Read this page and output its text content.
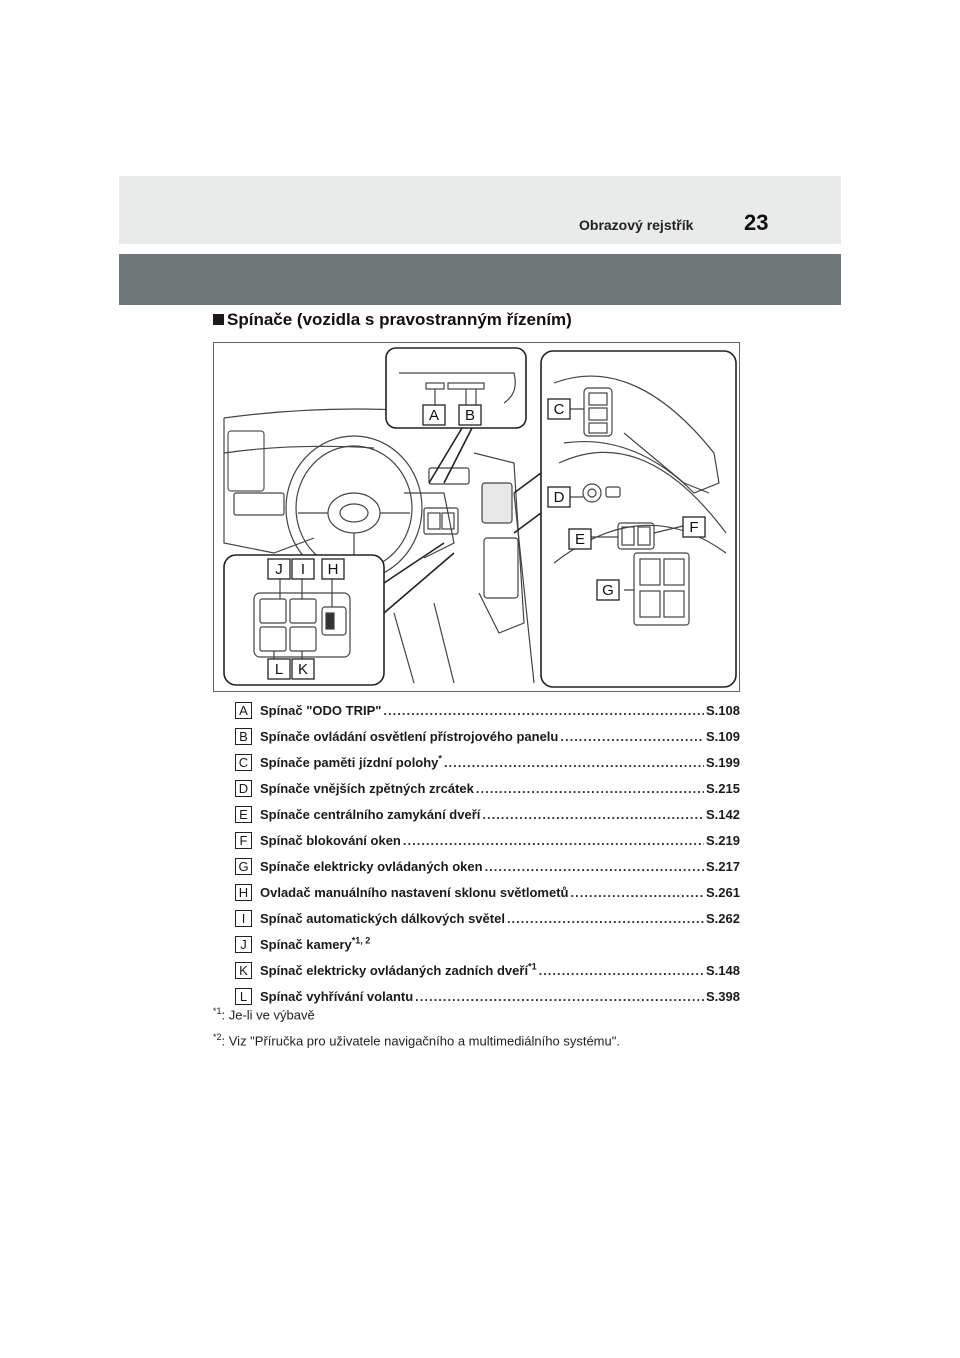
Obrazový rejstřík 23
Spínače (vozidla s pravostranným řízením)
A B	C
D
E
F
G
H
I
J
K
L
A Spínač "ODO TRIP" .....	S.108
B Spínače ovládání osvětlení přístrojového panelu .....	S.109
C Spínače paměti jízdní polohy* .....	S.199
D Spínače vnějších zpětných zrcátek .....	S.215
E Spínače centrálního zamykání dveří .....	S.142
F Spínač blokování oken .....	S.219
G Spínače elektricky ovládaných oken .....	S.217
H Ovladač manuálního nastavení sklonu světlometů .....	S.261
I	Spínač automatických dálkových světel .....	S.262
J	Spínač kamery$^{*1, 2}$
K Spínač elektricky ovládaných zadních dveří$^{*1}$ .....	S.148
L Spínač vyhřívání volantu .....	S.398
$^{*1}$: Je-li ve výbavě
$^{*2}$: Viz "Příručka pro uživatele navigačního a multimediálního systému".
